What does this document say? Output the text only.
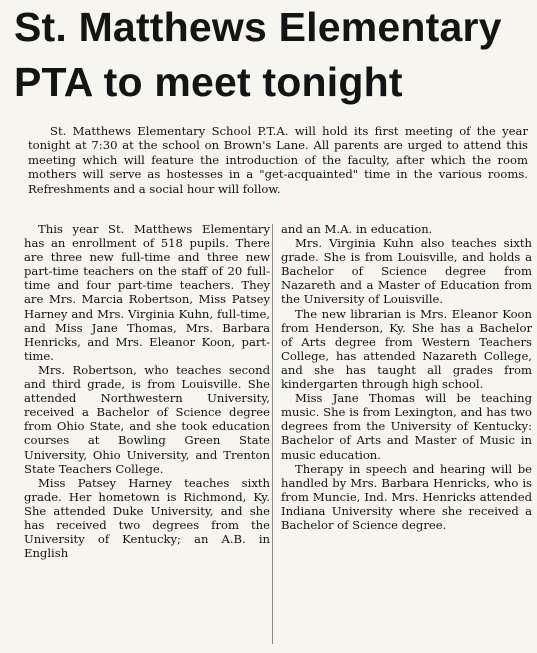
St. Matthews Elementary
PTA to meet tonight

St. Matthews Elementary School P.T.A. will hold its first meeting of the year tonight at 7:30 at the school on Brown's Lane. All parents are urged to attend this meeting which will feature the introduction of the faculty, after which the room mothers will serve as hostesses in a "get-acquainted" time in the various rooms. Refreshments and a social hour will follow.

This year St. Matthews Elementary has an enrollment of 518 pupils. There are three new full-time and three new part-time teachers on the staff of 20 full-time and four part-time teachers. They are Mrs. Marcia Robertson, Miss Patsey Harney and Mrs. Virginia Kuhn, full-time, and Miss Jane Thomas, Mrs. Barbara Henricks, and Mrs. Eleanor Koon, part-time.

Mrs. Robertson, who teaches second and third grade, is from Louisville. She attended Northwestern University, received a Bachelor of Science degree from Ohio State, and she took education courses at Bowling Green State University, Ohio University, and Trenton State Teachers College.

Miss Patsey Harney teaches sixth grade. Her hometown is Richmond, Ky. She attended Duke University, and she has received two degrees from the University of Kentucky; an A.B. in English

and an M.A. in education.

Mrs. Virginia Kuhn also teaches sixth grade. She is from Louisville, and holds a Bachelor of Science degree from Nazareth and a Master of Education from the University of Louisville.

The new librarian is Mrs. Eleanor Koon from Henderson, Ky. She has a Bachelor of Arts degree from Western Teachers College, has attended Nazareth College, and she has taught all grades from kindergarten through high school.

Miss Jane Thomas will be teaching music. She is from Lexington, and has two degrees from the University of Kentucky: Bachelor of Arts and Master of Music in music education.

Therapy in speech and hearing will be handled by Mrs. Barbara Henricks, who is from Muncie, Ind. Mrs. Henricks attended Indiana University where she received a Bachelor of Science degree.
